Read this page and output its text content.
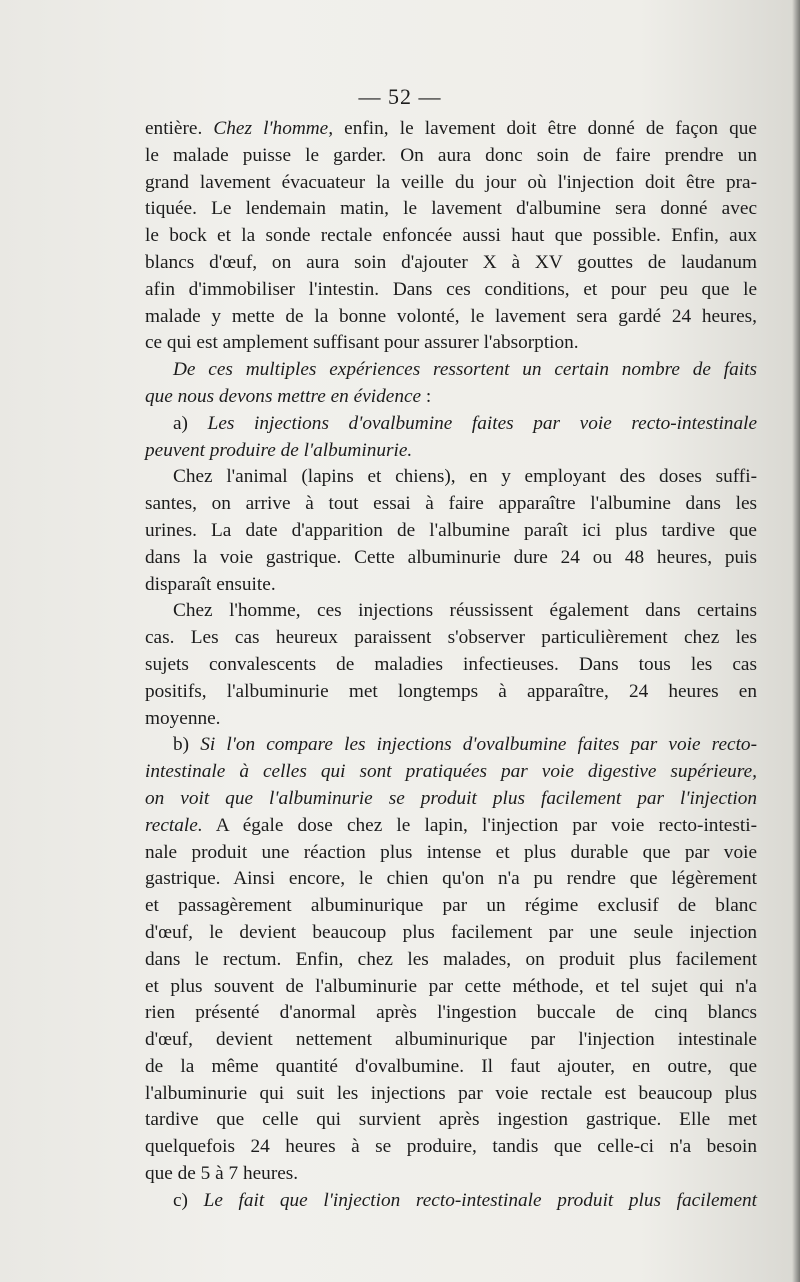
— 52 —
entière. Chez l'homme, enfin, le lavement doit être donné de façon que
le malade puisse le garder. On aura donc soin de faire prendre un
grand lavement évacuateur la veille du jour où l'injection doit être pra-
tiquée. Le lendemain matin, le lavement d'albumine sera donné avec
le bock et la sonde rectale enfoncée aussi haut que possible. Enfin, aux
blancs d'œuf, on aura soin d'ajouter X à XV gouttes de laudanum
afin d'immobiliser l'intestin. Dans ces conditions, et pour peu que le
malade y mette de la bonne volonté, le lavement sera gardé 24 heures,
ce qui est amplement suffisant pour assurer l'absorption.
De ces multiples expériences ressortent un certain nombre de faits
que nous devons mettre en évidence :
a) Les injections d'ovalbumine faites par voie recto-intestinale
peuvent produire de l'albuminurie.
Chez l'animal (lapins et chiens), en y employant des doses suffi-
santes, on arrive à tout essai à faire apparaître l'albumine dans les
urines. La date d'apparition de l'albumine paraît ici plus tardive que
dans la voie gastrique. Cette albuminurie dure 24 ou 48 heures, puis
disparaît ensuite.
Chez l'homme, ces injections réussissent également dans certains
cas. Les cas heureux paraissent s'observer particulièrement chez les
sujets convalescents de maladies infectieuses. Dans tous les cas
positifs, l'albuminurie met longtemps à apparaître, 24 heures en
moyenne.
b) Si l'on compare les injections d'ovalbumine faites par voie recto-
intestinale à celles qui sont pratiquées par voie digestive supérieure,
on voit que l'albuminurie se produit plus facilement par l'injection
rectale. A égale dose chez le lapin, l'injection par voie recto-intesti-
nale produit une réaction plus intense et plus durable que par voie
gastrique. Ainsi encore, le chien qu'on n'a pu rendre que légèrement
et passagèrement albuminurique par un régime exclusif de blanc
d'œuf, le devient beaucoup plus facilement par une seule injection
dans le rectum. Enfin, chez les malades, on produit plus facilement
et plus souvent de l'albuminurie par cette méthode, et tel sujet qui n'a
rien présenté d'anormal après l'ingestion buccale de cinq blancs
d'œuf, devient nettement albuminurique par l'injection intestinale
de la même quantité d'ovalbumine. Il faut ajouter, en outre, que
l'albuminurie qui suit les injections par voie rectale est beaucoup plus
tardive que celle qui survient après ingestion gastrique. Elle met
quelquefois 24 heures à se produire, tandis que celle-ci n'a besoin
que de 5 à 7 heures.
c) Le fait que l'injection recto-intestinale produit plus facilement
